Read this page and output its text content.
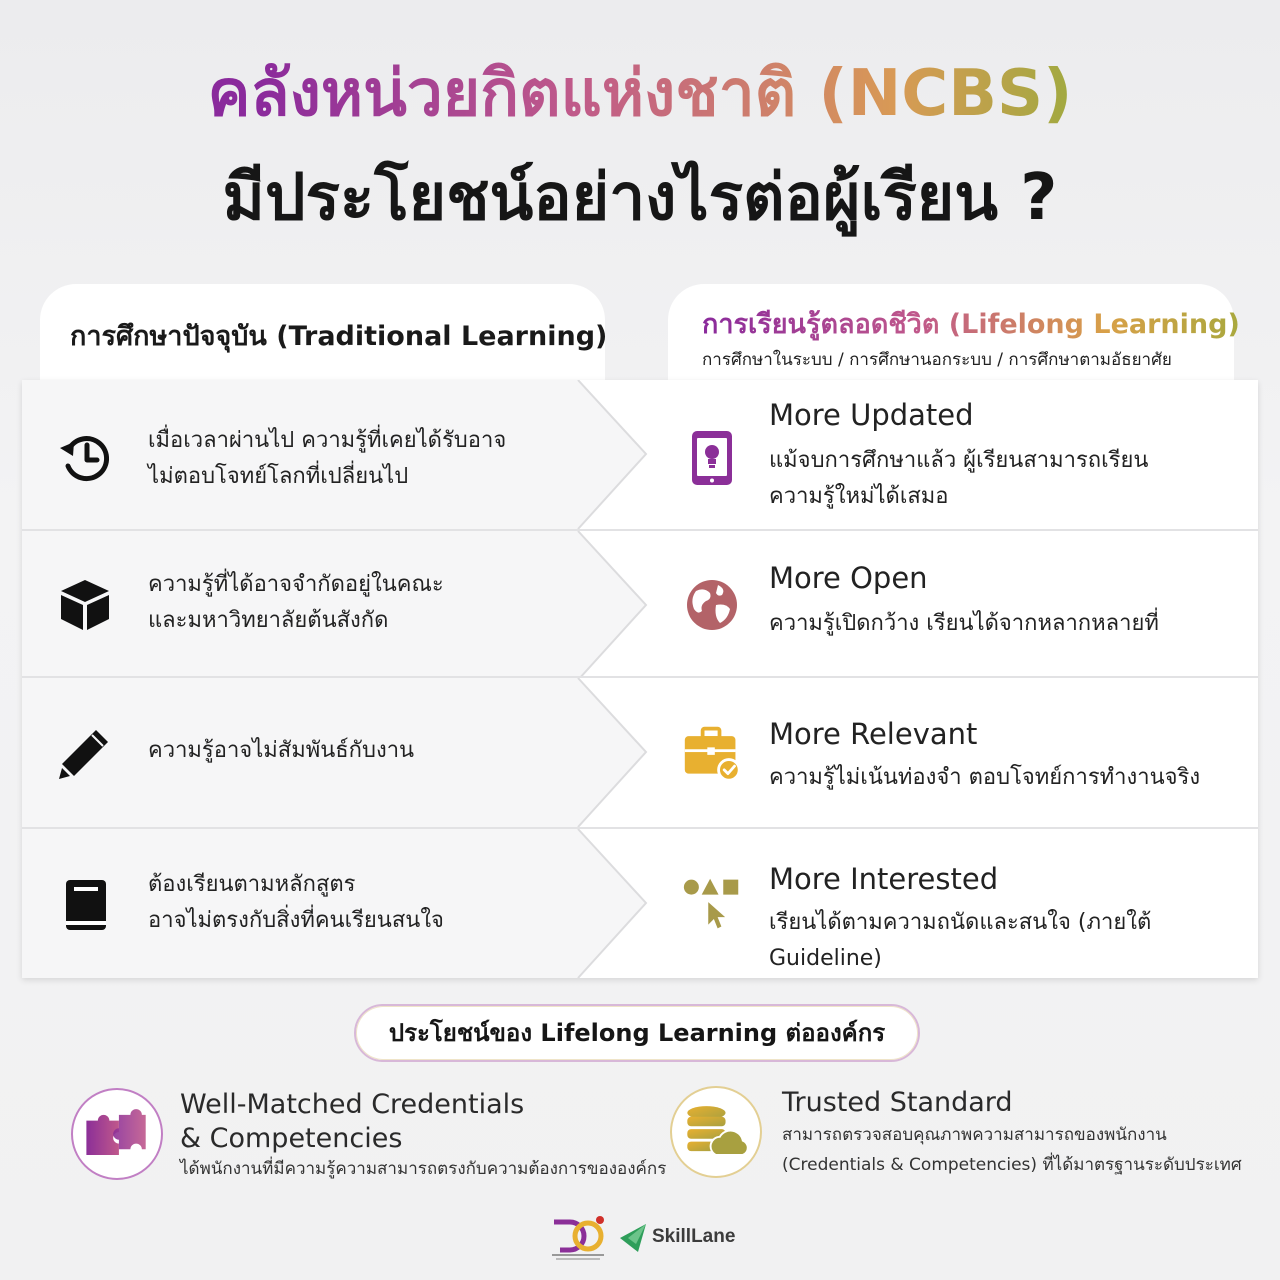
คลังหน่วยกิตแห่งชาติ (NCBS)
มีประโยชน์อย่างไรต่อผู้เรียน ?
การศึกษาปัจจุบัน (Traditional Learning)	การเรียนรู้ตลอดชีวิต (Lifelong Learning)
การศึกษาในระบบ / การศึกษานอกระบบ / การศึกษาตามอัธยาศัย
เมื่อเวลาผ่านไป ความรู้ที่เคยได้รับอาจ
ไม่ตอบโจทย์โลกที่เปลี่ยนไป
More Updated
แม้จบการศึกษาแล้ว ผู้เรียนสามารถเรียน
ความรู้ใหม่ได้เสมอ
ความรู้ที่ได้อาจจำกัดอยู่ในคณะ
และมหาวิทยาลัยต้นสังกัด
More Open
ความรู้เปิดกว้าง เรียนได้จากหลากหลายที่
ความรู้อาจไม่สัมพันธ์กับงาน	More Relevant
ความรู้ไม่เน้นท่องจำ ตอบโจทย์การทำงานจริง
ต้องเรียนตามหลักสูตร
อาจไม่ตรงกับสิ่งที่คนเรียนสนใจ
More Interested
เรียนได้ตามความถนัดและสนใจ (ภายใต้ Guideline)
ประโยชน์ของ Lifelong Learning ต่อองค์กร
Well-Matched Credentials
& Competencies
ได้พนักงานที่มีความรู้ความสามารถตรงกับความต้องการขององค์กร
Trusted Standard
สามารถตรวจสอบคุณภาพความสามารถของพนักงาน
(Credentials & Competencies) ที่ได้มาตรฐานระดับประเทศ
SkillLane
